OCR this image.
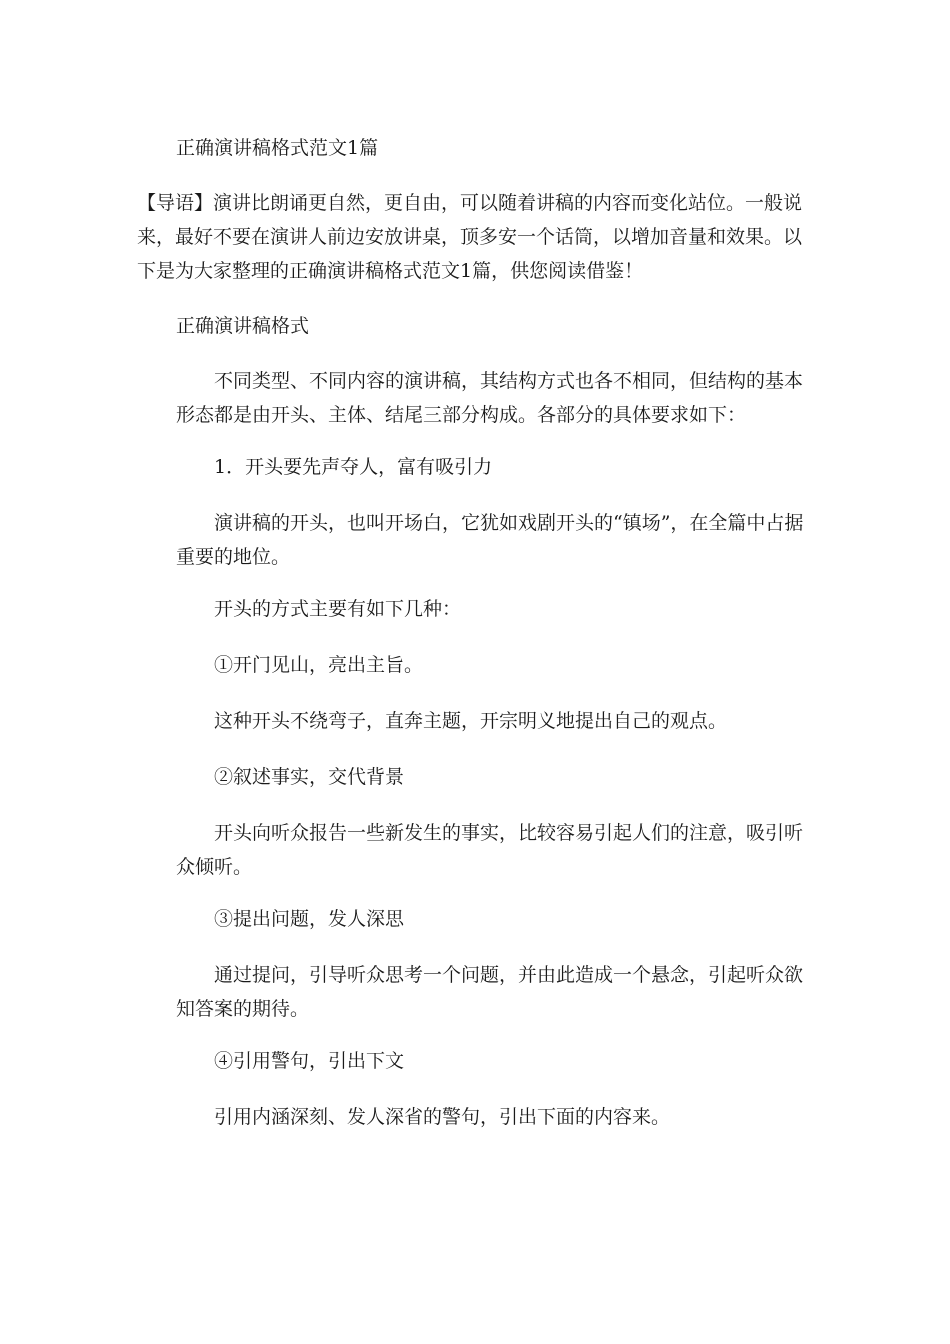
正确演讲稿格式范文1篇

【导语】演讲比朗诵更自然，更自由，可以随着讲稿的内容而变化站位。一般说来，最好不要在演讲人前边安放讲桌，顶多安一个话筒，以增加音量和效果。以下是为大家整理的正确演讲稿格式范文1篇，供您阅读借鉴！

正确演讲稿格式

不同类型、不同内容的演讲稿，其结构方式也各不相同，但结构的基本形态都是由开头、主体、结尾三部分构成。各部分的具体要求如下：

1．开头要先声夺人，富有吸引力

演讲稿的开头，也叫开场白，它犹如戏剧开头的“镇场”，在全篇中占据重要的地位。

开头的方式主要有如下几种：

①开门见山，亮出主旨。

这种开头不绕弯子，直奔主题，开宗明义地提出自己的观点。

②叙述事实，交代背景

开头向听众报告一些新发生的事实，比较容易引起人们的注意，吸引听众倾听。

③提出问题，发人深思

通过提问，引导听众思考一个问题，并由此造成一个悬念，引起听众欲知答案的期待。

④引用警句，引出下文

引用内涵深刻、发人深省的警句，引出下面的内容来。
